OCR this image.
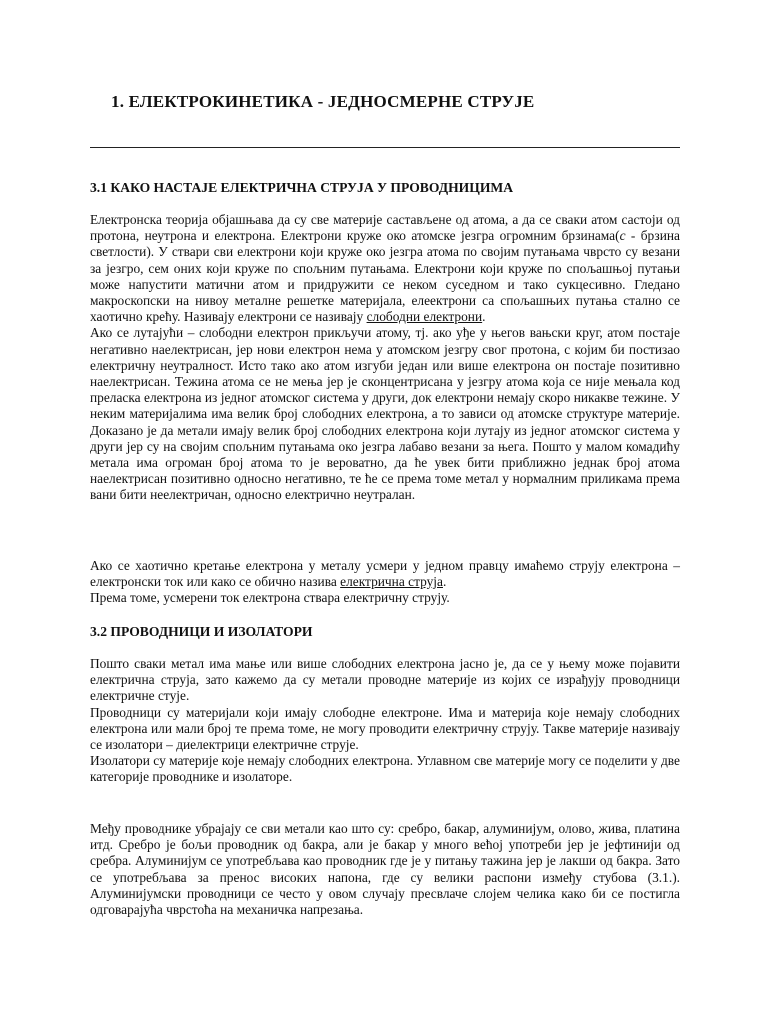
1. ЕЛЕКТРОКИНЕТИКА - ЈЕДНОСМЕРНЕ СТРУЈЕ

3.1 КАКО НАСТАЈЕ ЕЛЕКТРИЧНА СТРУЈА У ПРОВОДНИЦИМА

Електронска теорија објашњава да су све материје састављене од атома, а да се сваки атом састоји од протона, неутрона и електрона. Електрони круже око атомске језгра огромним брзинама(c - брзина светлости). У ствари сви електрони који круже око језгра атома по својим путањама чврсто су везани за језгро, сем оних који круже по спољним путањама. Електрони који круже по спољашњој путањи може напустити матични атом и придружити се неком суседном и тако сукцесивно. Гледано макроскопски на нивоу металне решетке материјала, елеектрони са спољашњих путања стално се хаотично крећу. Називају електрони се називају слободни електрони.

Ако се лутајући – слободни електрон прикључи атому, тј. ако уђе у његов вањски круг, атом постаје негативно наелектрисан, јер нови електрон нема у атомском језгру свог протона, с којим би постизао електричну неутралност. Исто тако ако атом изгуби један или више електрона он постаје позитивно наелектрисан. Тежина атома се не мења јер је сконцентрисана у језгру атома која се није мењала код преласка електрона из једног атомског система у други, док електрони немају скоро никакве тежине. У неким материјалима има велик број слободних електрона, а то зависи од атомске структуре материје. Доказано је да метали имају велик број слободних електрона који лутају из једног атомског система у други јер су на својим спољним путањама око језгра лабаво везани за њега. Пошто у малом комадићу метала има огроман број атома то је вероватно, да ће увек бити приближно једнак број атома наелектрисан позитивно односно негативно, те ће се према томе метал у нормалним приликама према вани бити неелектричан, односно електрично неутралан.

Ако се хаотично кретање електрона у металу усмери у једном правцу имаћемо струју електрона – електронски ток или како се обично назива електрична струја.

Према томе, усмерени ток електрона ствара електричну струју.

3.2 ПРОВОДНИЦИ И ИЗОЛАТОРИ

Пошто сваки метал има мање или више слободних електрона јасно је, да се у њему може појавити електрична струја, зато кажемо да су метали проводне материје из којих се израђују проводници електричне стује.

Проводници су материјали који имају слободне електроне. Има и материја које немају слободних електрона или мали број те према томе, не могу проводити електричну струју. Такве материје називају се изолатори – диелектрици електричне струје.

Изолатори су материје које немају слободних електрона. Углавном све материје могу се поделити у две категорије проводнике и изолаторе.

Међу проводнике убрајају се сви метали као што су: сребро, бакар, алуминијум, олово, жива, платина итд. Сребро је бољи проводник од бакра, али је бакар у много већој употреби јер је јефтинији од сребра. Алуминијум се употребљава као проводник где је у питању тажина јер је лакши од бакра. Зато се употребљава за пренос високих напона, где су велики распони између стубова (3.1.). Алуминијумски проводници се често у овом случају пресвлаче слојем челика како би се постигла одговарајућа чврстоћа на механичка напрезања.
